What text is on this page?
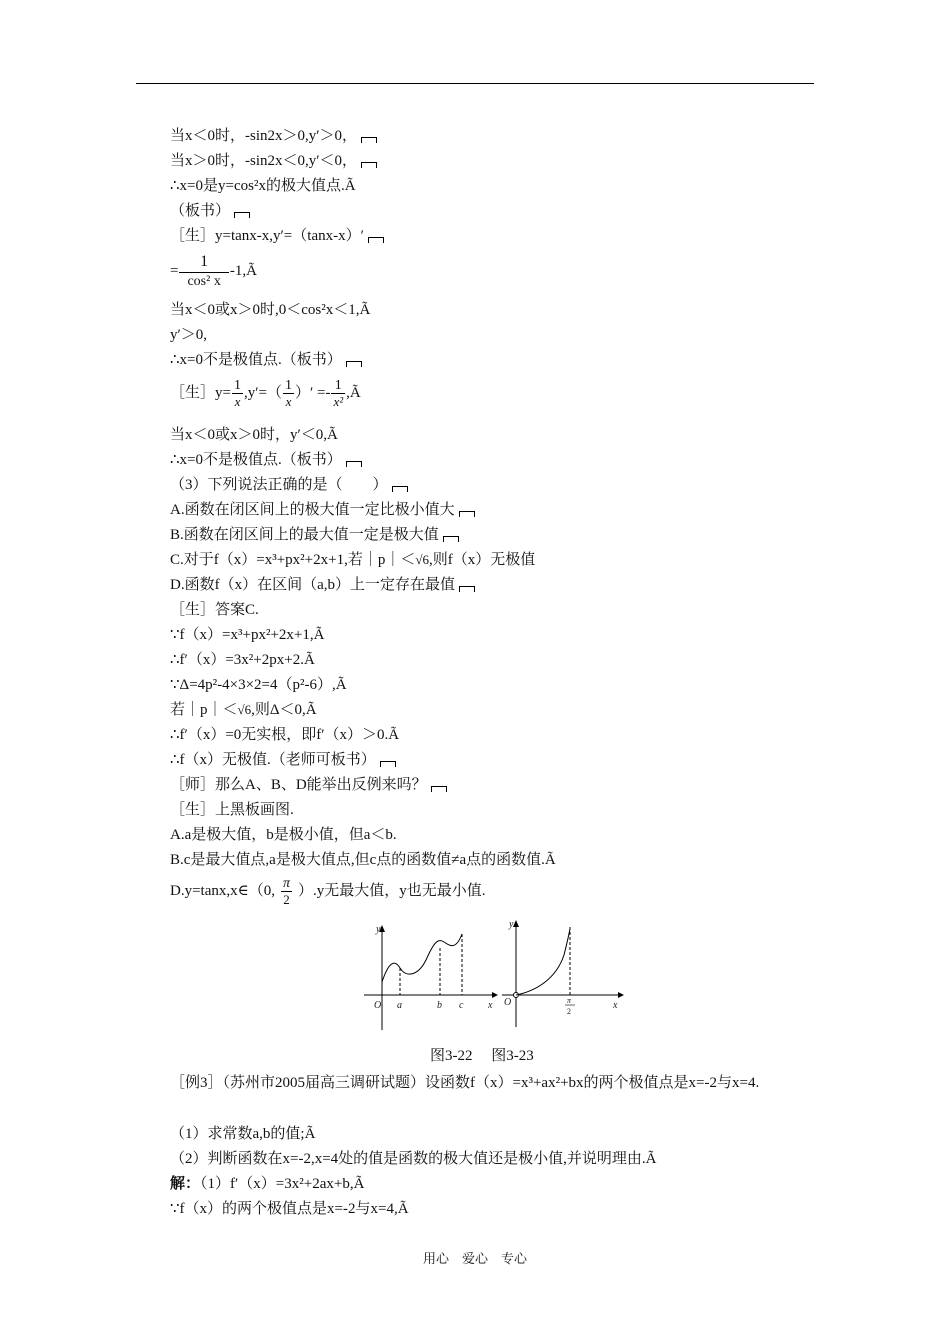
当x＜0时，-sin2x＞0,y′＞0，
当x＞0时，-sin2x＜0,y′＜0，
∴x=0是y=cos²x的极大值点.Ã
（板书）
［生］y=tanx-x,y′=（tanx-x）′
= $\frac{1}{\text{cos² x}}$ -1,Ã
当x＜0或x＞0时,0＜cos²x＜1,Ã
y′＞0,
∴x=0不是极值点.（板书）
［生］y= $\frac{1}{x} ,y'=( \frac{1}{x}$ ）′ =- $\frac{1}{\text{x²}}$ ,Ã
当x＜0或x＞0时，y′＜0,Ã
∴x=0不是极值点.（板书）
（3）下列说法正确的是（　　）
A.函数在闭区间上的极大值一定比极小值大
B.函数在闭区间上的最大值一定是极大值
C.对于f（x）=x³+px²+2x+1,若｜p｜＜√6,则f（x）无极值
D.函数f（x）在区间（a,b）上一定存在最值
［生］答案C.
∵f（x）=x³+px²+2x+1,Ã
∴f′（x）=3x²+2px+2.Ã
∵Δ=4p²-4×3×2=4（p²-6）,Ã
若｜p｜＜√6,则Δ＜0,Ã
∴f′（x）=0无实根，即f′（x）＞0.Ã
∴f（x）无极值.（老师可板书）
［师］那么A、B、D能举出反例来吗？
［生］上黑板画图.
A.a是极大值，b是极小值，但a＜b.
B.c是最大值点,a是极大值点,但c点的函数值≠a点的函数值.Ã
D.y=tanx,x∈（0, $\frac{\pi}{2} ).y$无最大值，y也无最小值.
y
O a	b c x
y
O	π
2
x
图3-22　 图3-23
［例3］（苏州市2005届高三调研试题）设函数f（x）=x³+ax²+bx的两个极值点是x=-2与x=4.
（1）求常数a,b的值;Ã
（2）判断函数在x=-2,x=4处的值是函数的极大值还是极小值,并说明理由.Ã
解：（1）f′（x）=3x²+2ax+b,Ã
∵f（x）的两个极值点是x=-2与x=4,Ã
用心　爱心　专心
